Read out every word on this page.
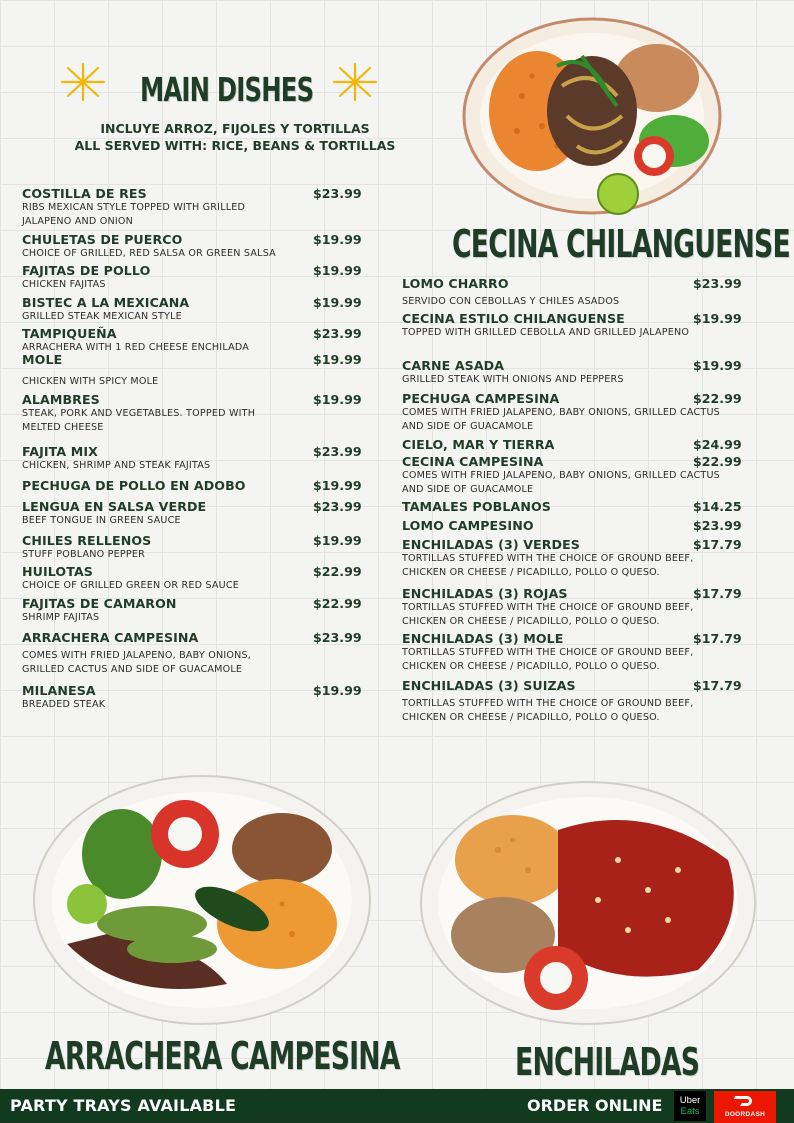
MAIN DISHES
INCLUYE ARROZ, FIJOLES Y TORTILLAS
ALL SERVED WITH: RICE, BEANS & TORTILLAS
CECINA CHILANGUENSE
COSTILLA DE RES	$23.99
RIBS MEXICAN STYLE TOPPED WITH GRILLED JALAPENO AND ONION
CHULETAS DE PUERCO	$19.99
CHOICE OF GRILLED, RED SALSA OR GREEN SALSA
FAJITAS DE POLLO	$19.99
CHICKEN FAJITAS
BISTEC A LA MEXICANA	$19.99
GRILLED STEAK MEXICAN STYLE
TAMPIQUEÑA	$23.99
ARRACHERA WITH 1 RED CHEESE ENCHILADA
MOLE	$19.99
CHICKEN WITH SPICY MOLE
ALAMBRES	$19.99
STEAK, PORK AND VEGETABLES. TOPPED WITH MELTED CHEESE
FAJITA MIX	$23.99
CHICKEN, SHRIMP AND STEAK FAJITAS
PECHUGA DE POLLO EN ADOBO	$19.99
LENGUA EN SALSA VERDE	$23.99
BEEF TONGUE IN GREEN SAUCE
CHILES RELLENOS	$19.99
STUFF POBLANO PEPPER
HUILOTAS	$22.99
CHOICE OF GRILLED GREEN OR RED SAUCE
FAJITAS DE CAMARON	$22.99
SHRIMP FAJITAS
ARRACHERA CAMPESINA	$23.99
COMES WITH FRIED JALAPENO, BABY ONIONS, GRILLED CACTUS AND SIDE OF GUACAMOLE
MILANESA	$19.99
BREADED STEAK
LOMO CHARRO	$23.99
SERVIDO CON CEBOLLAS Y CHILES ASADOS
CECINA ESTILO CHILANGUENSE	$19.99
TOPPED WITH GRILLED CEBOLLA AND GRILLED JALAPENO
CARNE ASADA	$19.99
GRILLED STEAK WITH ONIONS AND PEPPERS
PECHUGA CAMPESINA	$22.99
COMES WITH FRIED JALAPENO, BABY ONIONS, GRILLED CACTUS AND SIDE OF GUACAMOLE
CIELO, MAR Y TIERRA	$24.99
CECINA CAMPESINA	$22.99
COMES WITH FRIED JALAPENO, BABY ONIONS, GRILLED CACTUS AND SIDE OF GUACAMOLE
TAMALES POBLANOS	$14.25
LOMO CAMPESINO	$23.99
ENCHILADAS (3) VERDES	$17.79
TORTILLAS STUFFED WITH THE CHOICE OF GROUND BEEF, CHICKEN OR CHEESE / PICADILLO, POLLO O QUESO.
ENCHILADAS (3) ROJAS	$17.79
TORTILLAS STUFFED WITH THE CHOICE OF GROUND BEEF, CHICKEN OR CHEESE / PICADILLO, POLLO O QUESO.
ENCHILADAS (3) MOLE	$17.79
TORTILLAS STUFFED WITH THE CHOICE OF GROUND BEEF, CHICKEN OR CHEESE / PICADILLO, POLLO O QUESO.
ENCHILADAS (3) SUIZAS	$17.79
TORTILLAS STUFFED WITH THE CHOICE OF GROUND BEEF, CHICKEN OR CHEESE / PICADILLO, POLLO O QUESO.
ARRACHERA CAMPESINA	ENCHILADAS
PARTY TRAYS AVAILABLE	ORDER ONLINE	Uber
Eats	DOORDASH
